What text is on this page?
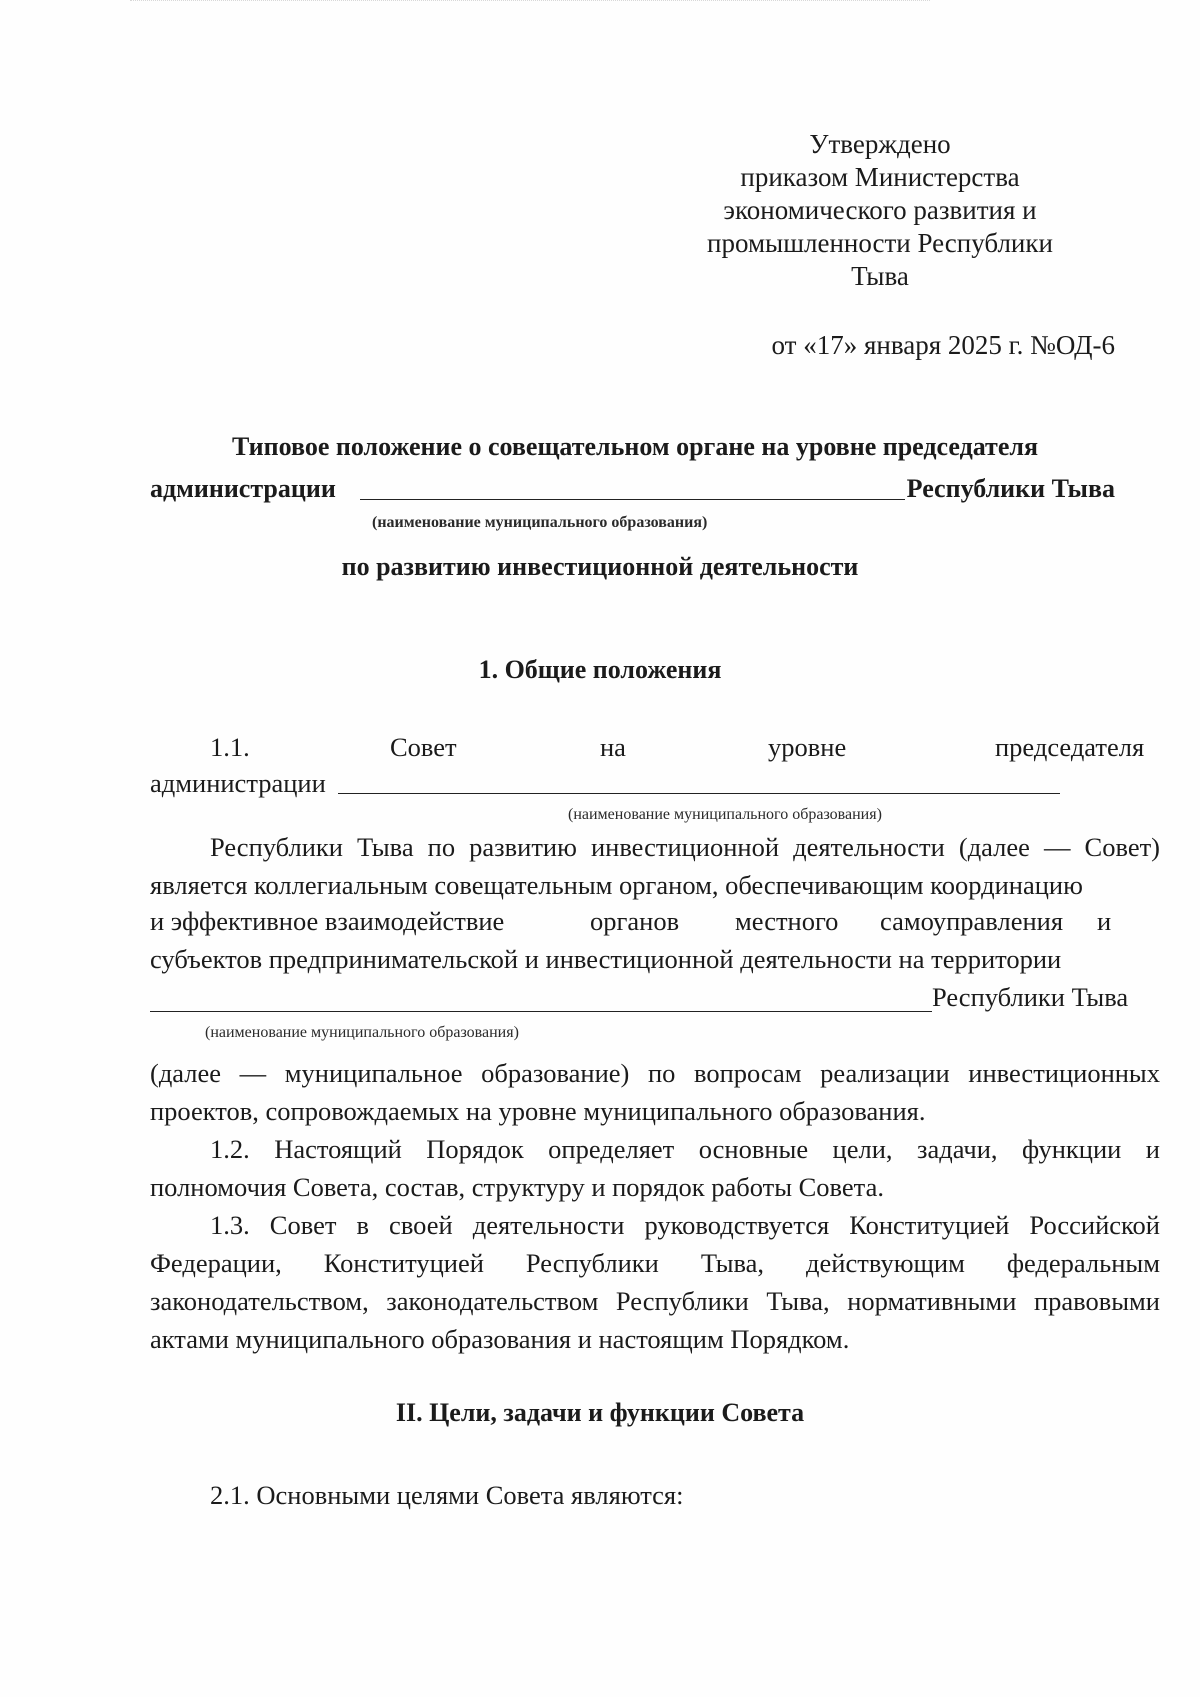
Утверждено
приказом Министерства
экономического развития и
промышленности Республики
Тыва
от «17» января 2025 г. №ОД-6
Типовое положение о совещательном органе на уровне председателя
администрации	Республики Тыва
(наименование муниципального образования)
по развитию инвестиционной деятельности
1. Общие положения
1.1.	Совет	на	уровне	председателя
администрации
(наименование муниципального образования)
Республики Тыва по развитию инвестиционной деятельности (далее — Совет) является коллегиальным совещательным органом, обеспечивающим координацию
и эффективное взаимодействие	органов местного самоуправления и
субъектов предпринимательской и инвестиционной деятельности на территории
Республики Тыва
(наименование муниципального образования)
(далее — муниципальное образование) по вопросам реализации инвестиционных проектов, сопровождаемых на уровне муниципального образования.
1.2. Настоящий Порядок определяет основные цели, задачи, функции и полномочия Совета, состав, структуру и порядок работы Совета.
1.3. Совет в своей деятельности руководствуется Конституцией Российской Федерации, Конституцией Республики Тыва, действующим федеральным законодательством, законодательством Республики Тыва, нормативными правовыми актами муниципального образования и настоящим Порядком.
II. Цели, задачи и функции Совета
2.1. Основными целями Совета являются:
